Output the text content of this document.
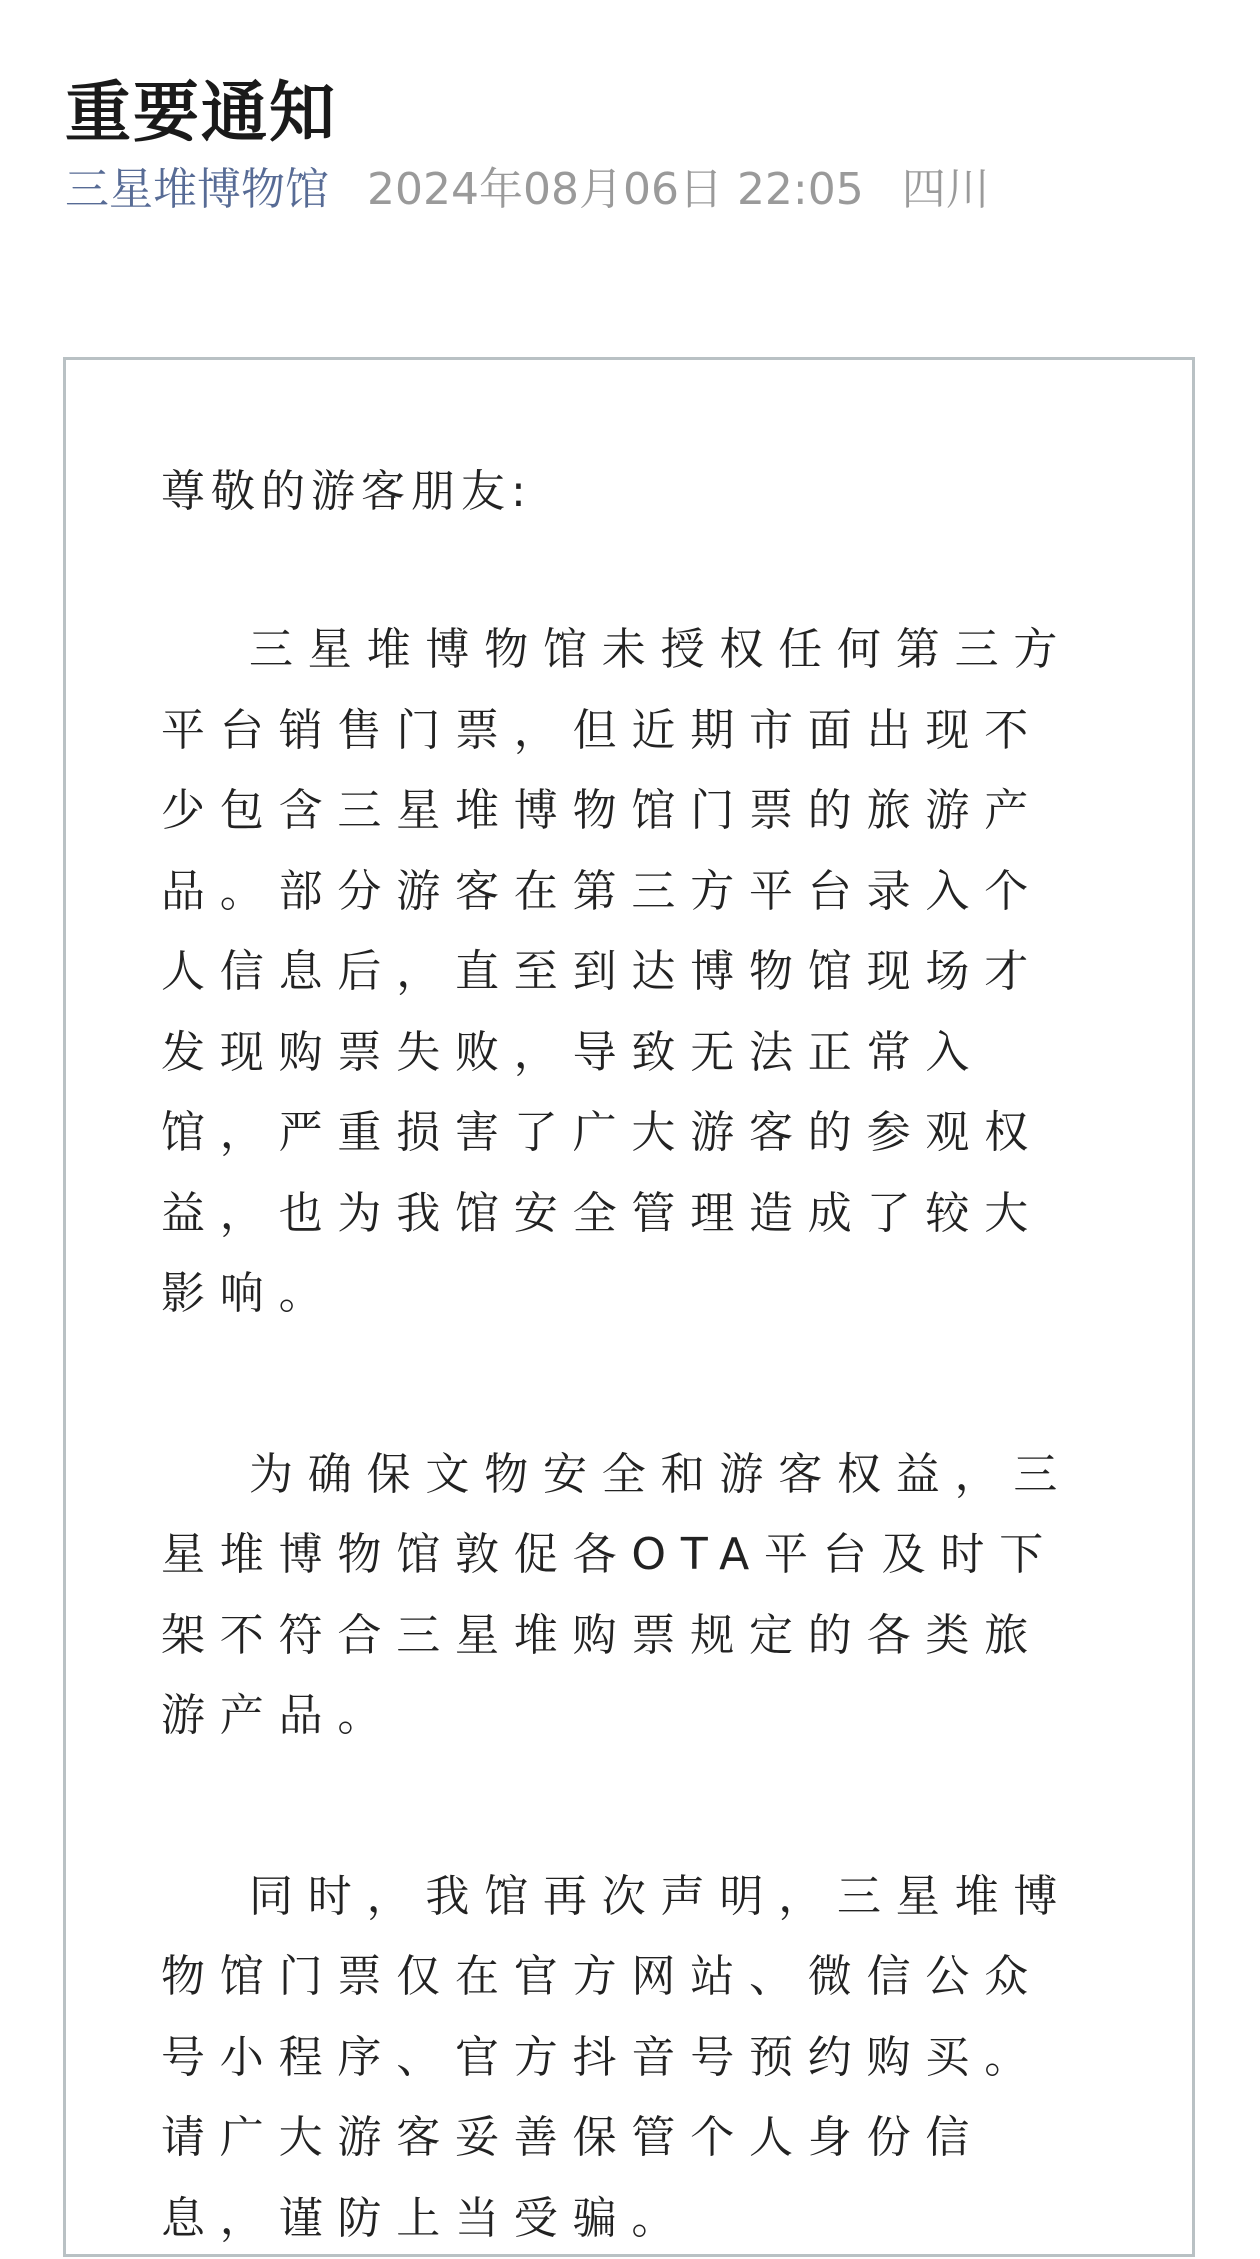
重要通知
三星堆博物馆 2024年08月06日 22:05 四川

尊敬的游客朋友:

三星堆博物馆未授权任何第三方平台销售门票，但近期市面出现不少包含三星堆博物馆门票的旅游产品。部分游客在第三方平台录入个人信息后，直至到达博物馆现场才发现购票失败，导致无法正常入馆，严重损害了广大游客的参观权益，也为我馆安全管理造成了较大影响。

为确保文物安全和游客权益，三星堆博物馆敦促各OTA平台及时下架不符合三星堆购票规定的各类旅游产品。

同时，我馆再次声明，三星堆博物馆门票仅在官方网站、微信公众号小程序、官方抖音号预约购买。请广大游客妥善保管个人身份信息，谨防上当受骗。
